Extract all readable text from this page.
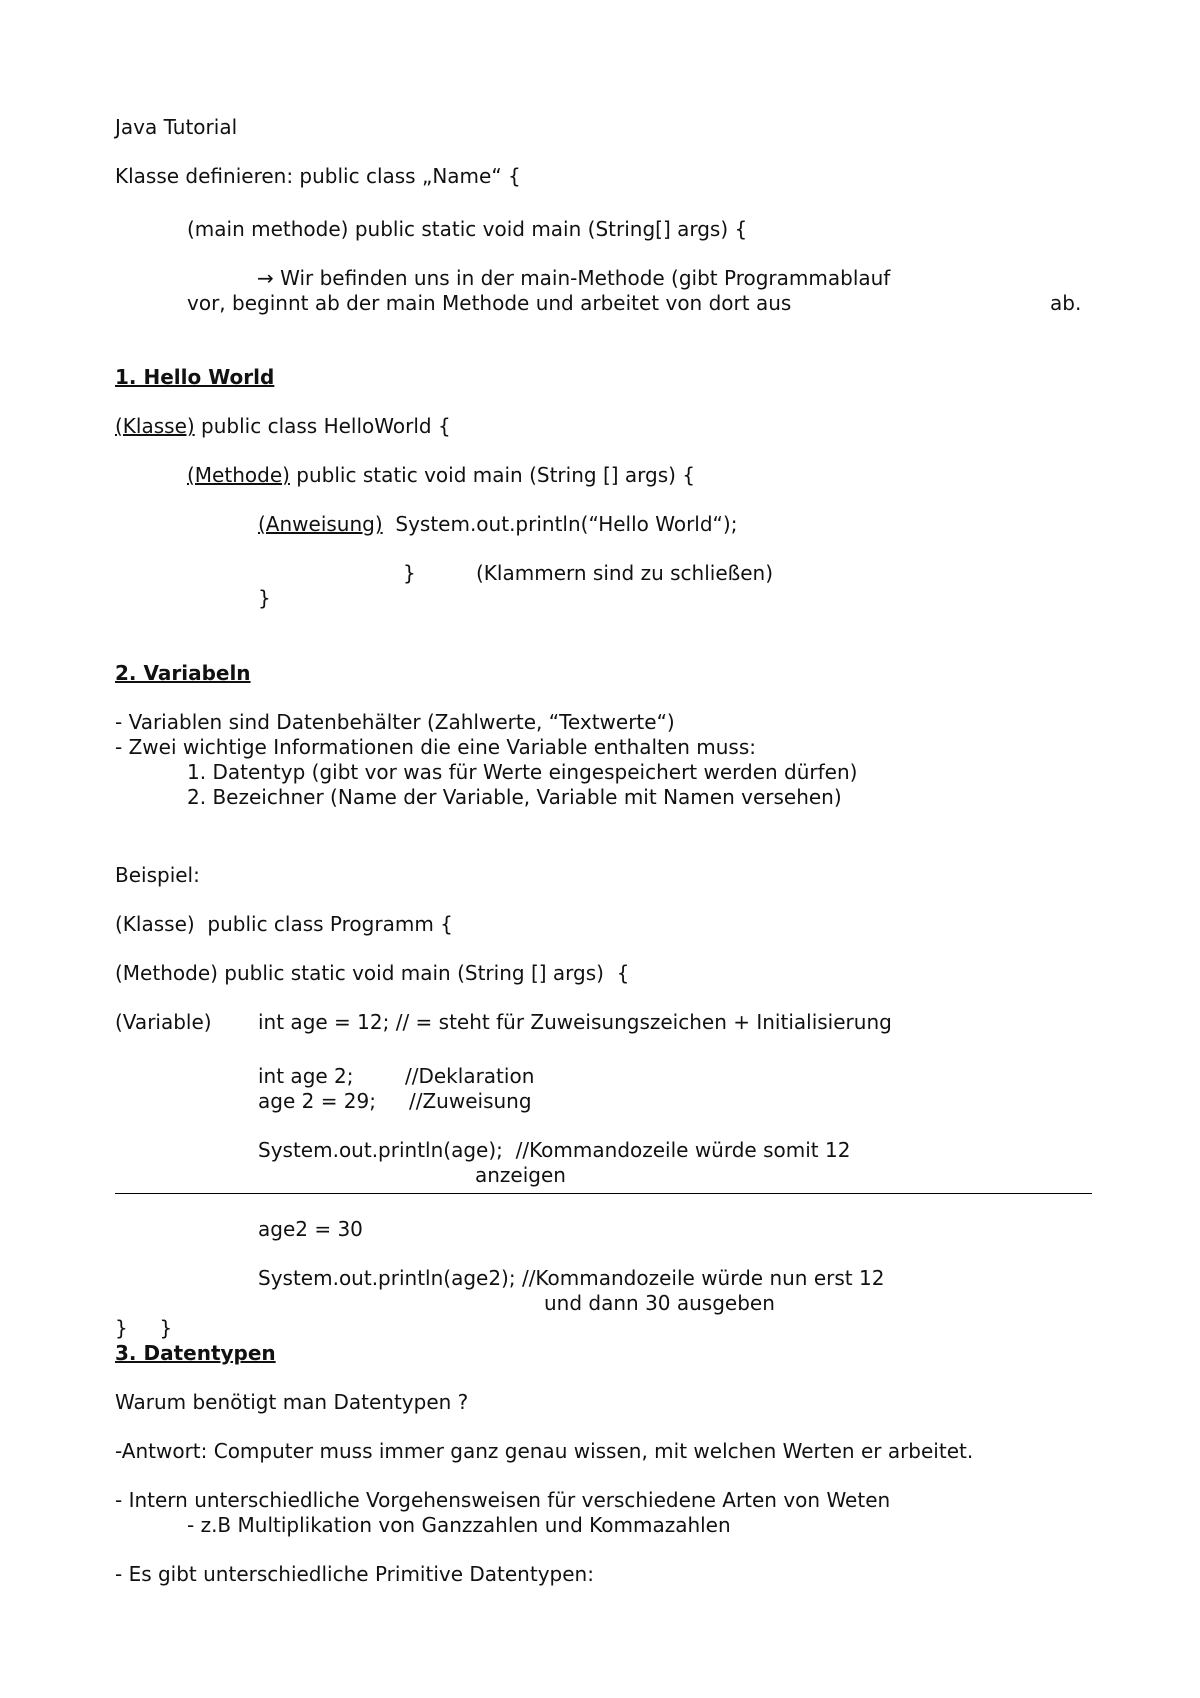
Java Tutorial
Klasse definieren: public class „Name“ {
(main methode) public static void main (String[] args) {
→ Wir befinden uns in der main-Methode (gibt Programmablauf
vor, beginnt ab der main Methode und arbeitet von dort aus	ab.
1. Hello World
(Klasse) public class HelloWorld {
(Methode) public static void main (String [] args) {
(Anweisung)  System.out.println(“Hello World“);
}	(Klammern sind zu schließen)
}
2. Variabeln
- Variablen sind Datenbehälter (Zahlwerte, “Textwerte“)
- Zwei wichtige Informationen die eine Variable enthalten muss:
1. Datentyp (gibt vor was für Werte eingespeichert werden dürfen)
2. Bezeichner (Name der Variable, Variable mit Namen versehen)
Beispiel:
(Klasse)  public class Programm {
(Methode) public static void main (String [] args)  {
(Variable) int age = 12; // = steht für Zuweisungszeichen + Initialisierung
int age 2;	//Deklaration
age 2 = 29; //Zuweisung
System.out.println(age);  //Kommandozeile würde somit 12
anzeigen
age2 = 30
System.out.println(age2); //Kommandozeile würde nun erst 12
und dann 30 ausgeben
}     }
3. Datentypen
Warum benötigt man Datentypen ?
-Antwort: Computer muss immer ganz genau wissen, mit welchen Werten er arbeitet.
- Intern unterschiedliche Vorgehensweisen für verschiedene Arten von Weten
- z.B Multiplikation von Ganzzahlen und Kommazahlen
- Es gibt unterschiedliche Primitive Datentypen:
